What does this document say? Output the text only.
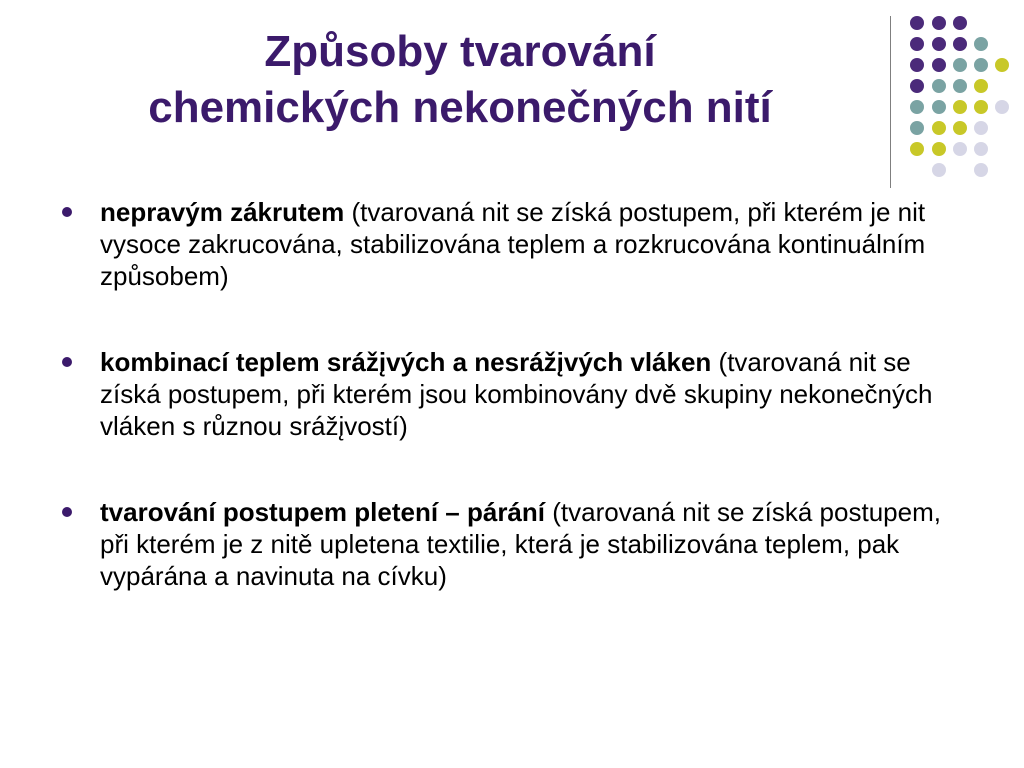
Způsoby tvarování
chemických nekonečných nití
nepravým zákrutem (tvarovaná nit se získá postupem, při kterém je nit vysoce zakrucována, stabilizována teplem a rozkrucována kontinuálním způsobem)
kombinací teplem srážįvých a nesrážįvých vláken (tvarovaná nit se získá postupem, při kterém jsou kombinovány dvě skupiny nekonečných vláken s různou srážįvostí)
tvarování postupem pletení – párání (tvarovaná nit se získá postupem, při kterém je z nitě upletena textilie, která je stabilizována teplem, pak vypárána a navinuta na cívku)
